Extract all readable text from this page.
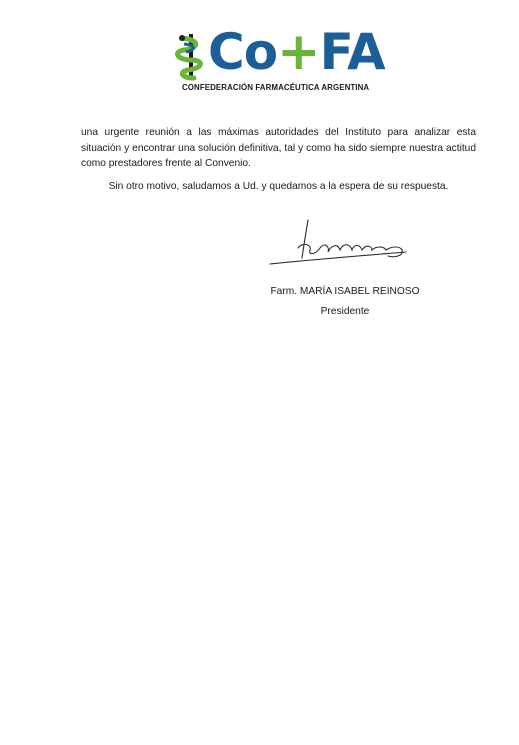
Co+FA
CONFEDERACIÓN FARMACÉUTICA ARGENTINA

una urgente reunión a las máximas autoridades del Instituto para analizar esta situación y encontrar una solución definitiva, tal y como ha sido siempre nuestra actitud como prestadores frente al Convenio.

Sin otro motivo, saludamos a Ud. y quedamos a la espera de su respuesta.

Farm. MARÍA ISABEL REINOSO

Presidente
